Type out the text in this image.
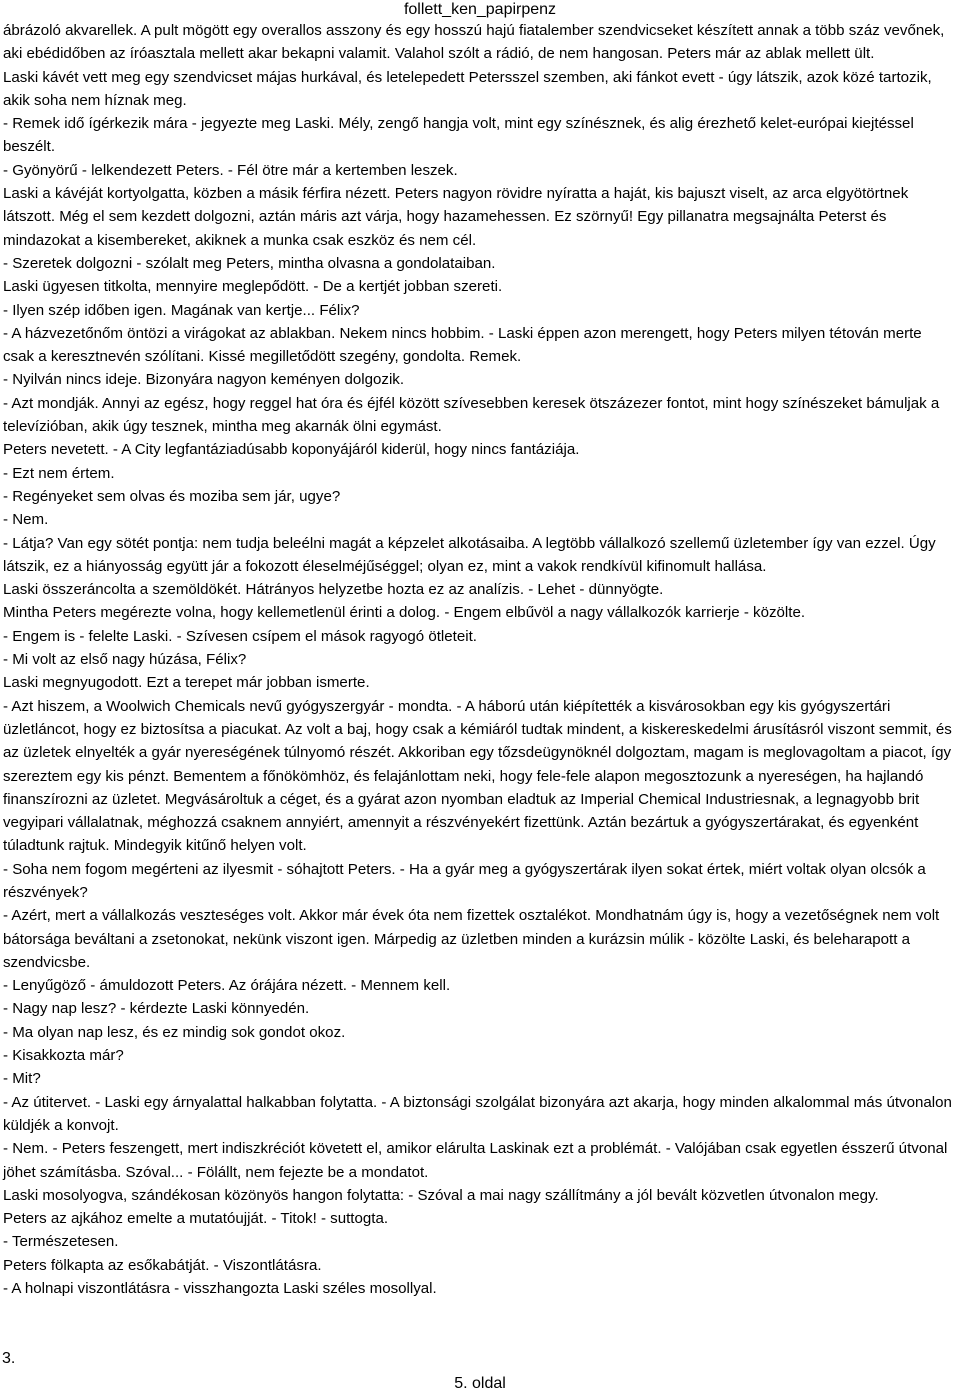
follett_ken_papirpenz

ábrázoló akvarellek. A pult mögött egy overallos asszony és egy hosszú hajú fiatalember szendvicseket készített annak a több száz vevőnek, aki ebédidőben az íróasztala mellett akar bekapni valamit. Valahol szólt a rádió, de nem hangosan. Peters már az ablak mellett ült.

Laski kávét vett meg egy szendvicset májas hurkával, és letelepedett Petersszel szemben, aki fánkot evett - úgy látszik, azok közé tartozik, akik soha nem híznak meg.

- Remek idő ígérkezik mára - jegyezte meg Laski. Mély, zengő hangja volt, mint egy színésznek, és alig érezhető kelet-európai kiejtéssel beszélt.

- Gyönyörű - lelkendezett Peters. - Fél ötre már a kertemben leszek.

Laski a kávéját kortyolgatta, közben a másik férfira nézett. Peters nagyon rövidre nyíratta a haját, kis bajuszt viselt, az arca elgyötörtnek látszott. Még el sem kezdett dolgozni, aztán máris azt várja, hogy hazamehessen. Ez szörnyű! Egy pillanatra megsajnálta Peterst és mindazokat a kisembereket, akiknek a munka csak eszköz és nem cél.

- Szeretek dolgozni - szólalt meg Peters, mintha olvasna a gondolataiban.

Laski ügyesen titkolta, mennyire meglepődött. - De a kertjét jobban szereti.

- Ilyen szép időben igen. Magának van kertje... Félix?

- A házvezetőnőm öntözi a virágokat az ablakban. Nekem nincs hobbim. - Laski éppen azon merengett, hogy Peters milyen tétován merte csak a keresztnevén szólítani. Kissé megilletődött szegény, gondolta. Remek.

- Nyilván nincs ideje. Bizonyára nagyon keményen dolgozik.

- Azt mondják. Annyi az egész, hogy reggel hat óra és éjfél között szívesebben keresek ötszázezer fontot, mint hogy színészeket bámuljak a televízióban, akik úgy tesznek, mintha meg akarnák ölni egymást.

Peters nevetett. - A City legfantáziadúsabb koponyájáról kiderül, hogy nincs fantáziája.

- Ezt nem értem.

- Regényeket sem olvas és moziba sem jár, ugye?

- Nem.

- Látja? Van egy sötét pontja: nem tudja beleélni magát a képzelet alkotásaiba. A legtöbb vállalkozó szellemű üzletember így van ezzel. Úgy látszik, ez a hiányosság együtt jár a fokozott éleselméjűséggel; olyan ez, mint a vakok rendkívül kifinomult hallása.

Laski összeráncolta a szemöldökét. Hátrányos helyzetbe hozta ez az analízis. - Lehet - dünnyögte.

Mintha Peters megérezte volna, hogy kellemetlenül érinti a dolog. - Engem elbűvöl a nagy vállalkozók karrierje - közölte.

- Engem is - felelte Laski. - Szívesen csípem el mások ragyogó ötleteit.

- Mi volt az első nagy húzása, Félix?

Laski megnyugodott. Ezt a terepet már jobban ismerte.

- Azt hiszem, a Woolwich Chemicals nevű gyógyszergyár - mondta. - A háború után kiépítették a kisvárosokban egy kis gyógyszertári üzletláncot, hogy ez biztosítsa a piacukat. Az volt a baj, hogy csak a kémiáról tudtak mindent, a kiskereskedelmi árusításról viszont semmit, és az üzletek elnyelték a gyár nyereségének túlnyomó részét. Akkoriban egy tőzsdeügynöknél dolgoztam, magam is meglovagoltam a piacot, így szereztem egy kis pénzt. Bementem a főnökömhöz, és felajánlottam neki, hogy fele-fele alapon megosztozunk a nyereségen, ha hajlandó finanszírozni az üzletet. Megvásároltuk a céget, és a gyárat azon nyomban eladtuk az Imperial Chemical Industriesnak, a legnagyobb brit vegyipari vállalatnak, méghozzá csaknem annyiért, amennyit a részvényekért fizettünk. Aztán bezártuk a gyógyszertárakat, és egyenként túladtunk rajtuk. Mindegyik kitűnő helyen volt.

- Soha nem fogom megérteni az ilyesmit - sóhajtott Peters. - Ha a gyár meg a gyógyszertárak ilyen sokat értek, miért voltak olyan olcsók a részvények?

- Azért, mert a vállalkozás veszteséges volt. Akkor már évek óta nem fizettek osztalékot. Mondhatnám úgy is, hogy a vezetőségnek nem volt bátorsága beváltani a zsetonokat, nekünk viszont igen. Márpedig az üzletben minden a kurázsin múlik - közölte Laski, és beleharapott a szendvicsbe.

- Lenyűgöző - ámuldozott Peters. Az órájára nézett. - Mennem kell.

- Nagy nap lesz? - kérdezte Laski könnyedén.

- Ma olyan nap lesz, és ez mindig sok gondot okoz.

- Kisakkozta már?

- Mit?

- Az útitervet. - Laski egy árnyalattal halkabban folytatta. - A biztonsági szolgálat bizonyára azt akarja, hogy minden alkalommal más útvonalon küldjék a konvojt.

- Nem. - Peters feszengett, mert indiszkréciót követett el, amikor elárulta Laskinak ezt a problémát. - Valójában csak egyetlen ésszerű útvonal jöhet számításba. Szóval... - Fölállt, nem fejezte be a mondatot.

Laski mosolyogva, szándékosan közönyös hangon folytatta: - Szóval a mai nagy szállítmány a jól bevált közvetlen útvonalon megy.

Peters az ajkához emelte a mutatóujját. - Titok! - suttogta.

- Természetesen.

Peters fölkapta az esőkabátját. - Viszontlátásra.

- A holnapi viszontlátásra - visszhangozta Laski széles mosollyal.

3.
5. oldal
